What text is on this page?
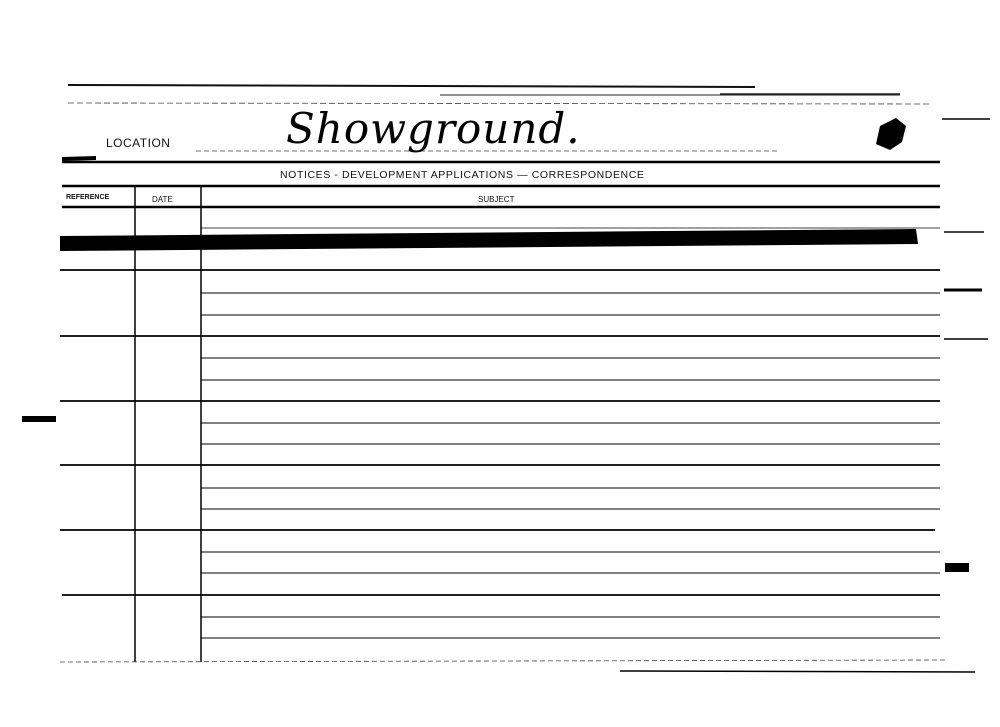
LOCATION	Showground.
NOTICES - DEVELOPMENT APPLICATIONS — CORRESPONDENCE
REFERENCE	DATE	SUBJECT
